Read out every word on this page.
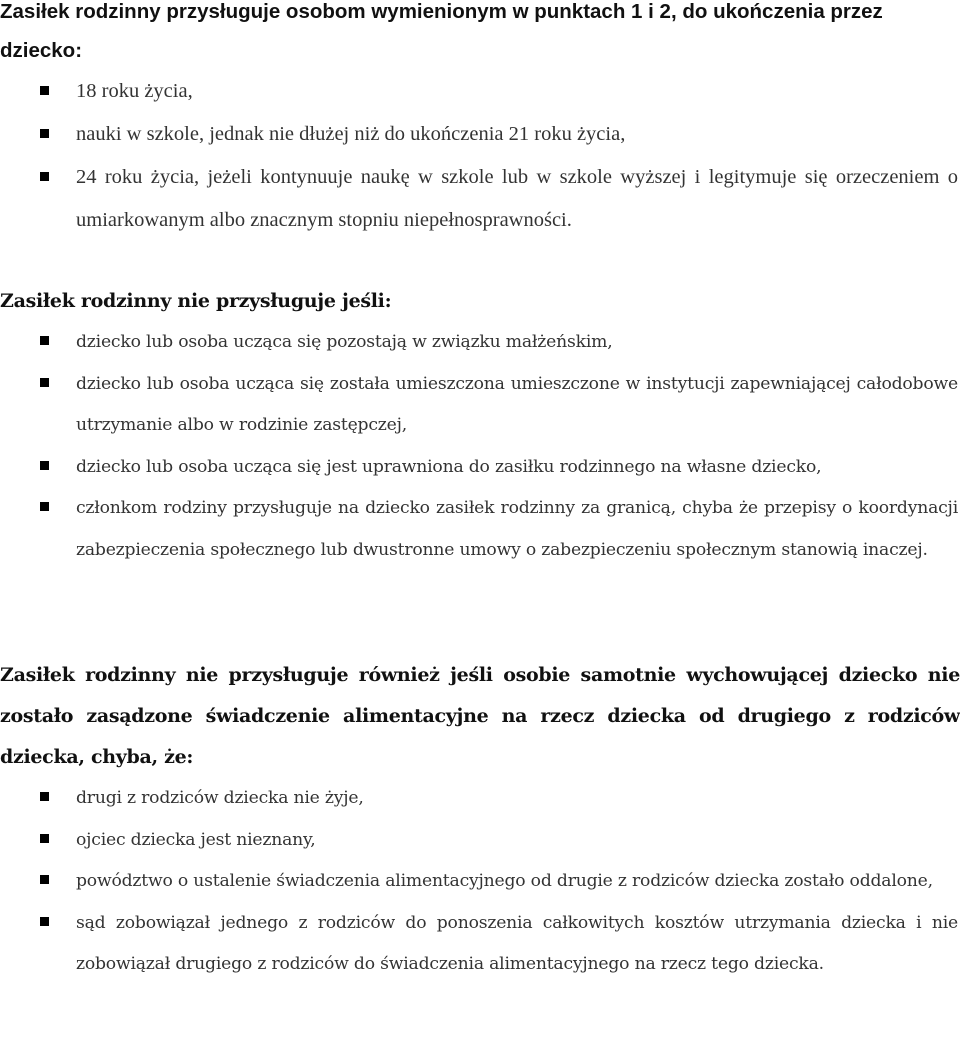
Zasiłek rodzinny przysługuje osobom wymienionym w punktach 1 i 2, do ukończenia przez dziecko:

18 roku życia,
nauki w szkole, jednak nie dłużej niż do ukończenia 21 roku życia,
24 roku życia, jeżeli kontynuuje naukę w szkole lub w szkole wyższej i legitymuje się orzeczeniem o umiarkowanym albo znacznym stopniu niepełnosprawności.

Zasiłek rodzinny nie przysługuje jeśli:

dziecko lub osoba ucząca się pozostają w związku małżeńskim,
dziecko lub osoba ucząca się została umieszczona umieszczone w instytucji zapewniającej całodobowe utrzymanie albo w rodzinie zastępczej,
dziecko lub osoba ucząca się jest uprawniona do zasiłku rodzinnego na własne dziecko,
członkom rodziny przysługuje na dziecko zasiłek rodzinny za granicą, chyba że przepisy o koordynacji zabezpieczenia społecznego lub dwustronne umowy o zabezpieczeniu społecznym stanowią inaczej.

Zasiłek rodzinny nie przysługuje również jeśli osobie samotnie wychowującej dziecko nie zostało zasądzone świadczenie alimentacyjne na rzecz dziecka od drugiego z rodziców dziecka, chyba, że:

drugi z rodziców dziecka nie żyje,
ojciec dziecka jest nieznany,
powództwo o ustalenie świadczenia alimentacyjnego od drugie z rodziców dziecka zostało oddalone,
sąd zobowiązał jednego z rodziców do ponoszenia całkowitych kosztów utrzymania dziecka i nie zobowiązał drugiego z rodziców do świadczenia alimentacyjnego na rzecz tego dziecka.
